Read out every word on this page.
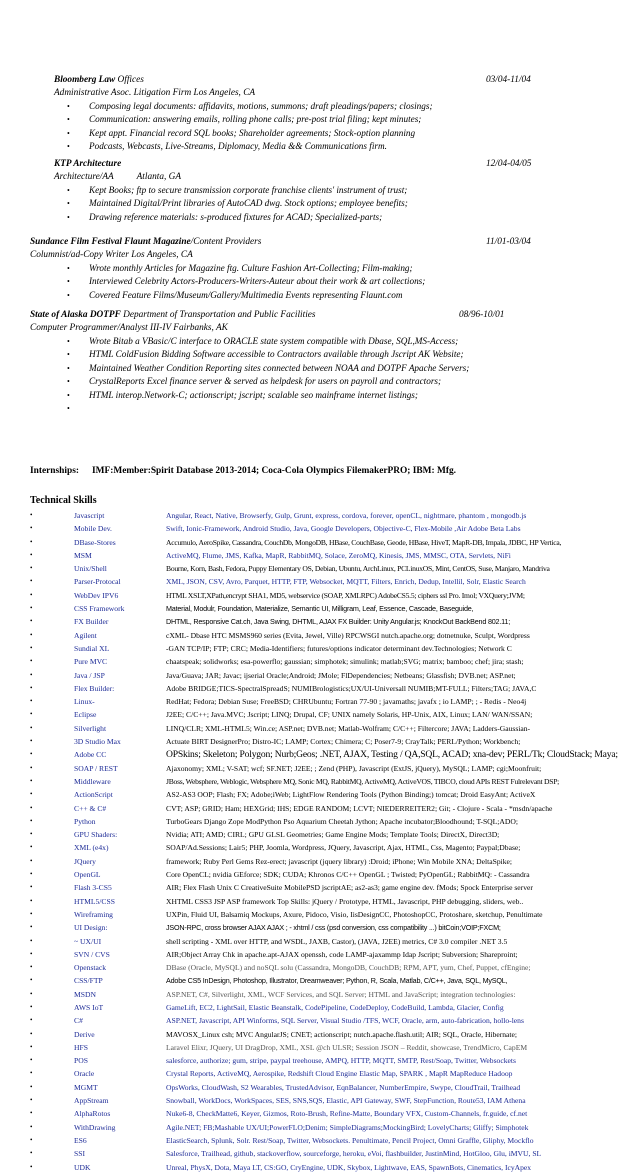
Bloomberg Law Offices	03/04-11/04
Administrative Asoc. Litigation Firm Los Angeles, CA
• Composing legal documents: affidavits, motions, summons; draft pleadings/papers; closings;
• Communication: answering emails, rolling phone calls; pre-post trial filing; kept minutes;
• Kept appt. Financial record SQL books; Shareholder agreements; Stock-option planning
• Podcasts, Webcasts, Live-Streams, Diplomacy, Media && Communications firm.
KTP Architecture	12/04-04/05
Architecture/AA          Atlanta, GA
• Kept Books; ftp to secure transmission corporate franchise clients' instrument of trust;
• Maintained Digital/Print libraries of AutoCAD dwg. Stock options; employee benefits;
• Drawing reference materials: s-produced fixtures for ACAD; Specialized-parts;
Sundance Film Festival Flaunt Magazine/Content Providers	11/01-03/04
Columnist/ad-Copy Writer Los Angeles, CA
• Wrote monthly Articles for Magazine ftg. Culture Fashion Art-Collecting; Film-making;
• Interviewed Celebrity Actors-Producers-Writers-Auteur about their work & art collections;
• Covered Feature Films/Museum/Gallery/Multimedia Events representing Flaunt.com
State of Alaska DOTPF Department of Transportation and Public Facilities	08/96-10/01
Computer Programmer/Analyst III-IV Fairbanks, AK
• Wrote Bitab a VBasic/C interface to ORACLE state system compatible with Dbase, SQL,MS-Access;
• HTML ColdFusion Bidding Software accessible to Contractors available through Jscript AK Website;
• Maintained Weather Condition Reporting sites connected between NOAA and DOTPF Apache Servers;
• CrystalReports Excel finance server & served as helpdesk for users on payroll and contractors;
• HTML interop.Network-C; actionscript; jscript; scalable seo mainframe internet listings;
•
Internships: IMF:Member:Spirit Database 2013-2014; Coca-Cola Olympics FilemakerPRO; IBM: Mfg.
Technical Skills
•	Javascript	Angular, React, Native, Browserfy, Gulp, Grunt, express, cordova, forever, openCL, nightmare, phantom , mongodb.js
•	Mobile Dev.	Swift, Ionic-Framework, Android Studio, Java, Google Developers, Objective-C, Flex-Mobile ,Air Adobe Beta Labs
•	DBase-Stores	Accumulo, AeroSpike, Cassandra, CouchDb, MongoDB, HBase, CouchBase, Geode, HBase, HiveT, MapR-DB, Impala, JDBC, HP Vertica,
•	MSM	ActiveMQ, Flume, JMS, Kafka, MapR, RabbitMQ, Solace, ZeroMQ, Kinesis, JMS, MMSC, OTA, Servlets, NiFi
•	Unix/Shell	Bourne, Korn, Bash, Fedora, Puppy Elementary OS, Debian, Ubuntu, ArchLinux, PCLinuxOS, Mint, CentOS, Suse, Manjaro, Mandriva
•	Parser-Protocal	XML, JSON, CSV, Avro, Parquet, HTTP, FTP, Websocket, MQTT, Filters, Enrich, Dedup, Intellil, Solr, Elastic Search
•	WebDev IPV6	HTML XSLT,XPath,encrypt SHA1, MD5, webservice (SOAP, XMLRPC) AdobeCS5.5; ciphers ssl Pro. Imol; VXQuery;JVM;
•	CSS Framework	Material, Modulr, Foundation, Materialize, Semantic UI, Milligram, Leaf, Essence, Cascade, Baseguide,
•	FX Builder	DHTML, Responsive Cat.ch, Java Swing, DHTML, AJAX FX Builder: Unity Angular.js; KnockOut BackBend 802.11;
•	Agilent	cXML- Dbase HTC MSMS960 series (Evita, Jewel, Ville) RPCWSGI nutch.apache.org; dotnetnuke, Sculpt, Wordpress
•	Sundial XL	-GAN TCP/IP; FTP; CRC; Media-Identifiers; futures/options indicator determinant dev.Technologies; Network C
•	Pure MVC	chaatspeak; solidworks; esa-powerflo; gaussian; simphotek; simulink; matlab;SVG; matrix; bamboo; chef; jira; stash;
•	Java / JSP	Java/Guava; JAR; Javac; ijserial Oracle;Android; JMole; FlDependencies; Netbeans; Glassfish; DVB.net; ASP.net;
•	Flex Builder:	Adobe BRIDGE;TICS-SpectralSpreadS; NUMIBrologistics;UX/UI-Universall NUMIB;MT-FULL; Filters;TAG; JAVA,C
•	Linux-	RedHat; Fedora; Debian Suse; FreeBSD; CHRUbuntu; Fortran 77-90 ; javamaths; javafx ; io LAMP; ; - Redis - Neo4j
•	Eclipse	J2EE; C/C++; Java.MVC; Jscript; LINQ; Drupal, CF; UNIX namely Solaris, HP-Unix, AIX, Linux; LAN/ WAN/SSAN;
•	Silverlight	LINQ/CLR; XML-HTML5; Win.ce; ASP.net; DVB.net; Matlab-Wolfram; C/C++; Filtercore; JAVA; Ladders-Gaussian-
•	3D Studio Max	Actuate BIRT DesignerPro; Distro-IC; LAMP; Cortex; Chimera; C; Poser7-9; CrayTalk; PERL/Python; Workbench;
•	Adobe CC	OPSkins; Skeleton; Polygon; Nurb;Geos; .NET, AJAX, Testing / QA,SQL, ACAD; xna-dev; PERL/Tk; CloudStack; Maya;
•	SOAP / REST	Ajaxonomy; XML; V-SAT; wcf; SF.NET; J2EE; ; Zend (PHP), Javascript (ExtJS, jQuery), MySQL; LAMP; cgi;Moonfruit;
•	Middleware	JBoss, Websphere, Weblogic, Websphere MQ, Sonic MQ, RabbitMQ, ActiveMQ, ActiveVOS, TIBCO, cloud APIs REST Fulrelevant DSP;
•	ActionScript	AS2-AS3 OOP; Flash; FX; Adobe;iWeb; LightFlow Rendering Tools (Python Binding;) tomcat; Droid EasyAnt; ActiveX
•	C++ & C#	CVT; ASP; GRID; Ham; HEXGrid; IHS; EDGE RANDOM; LCVT; NIEDERREITER2; Git; - Clojure - Scala - *msdn/apache
•	Python	TurboGears Django Zope ModPython Pso Aquarium Cheetah Jython; Apache incubator;Bloodhound; T-SQL;ADO;
•	GPU Shaders:	Nvidia; ATI; AMD; CIRL; GPU GLSL Geometries; Game Engine Mods; Template Tools; DirectX, Direct3D;
•	XML (e4x)	SOAP/Ad.Sessions; Lair5; PHP, Joomla, Wordpress, JQuery, Javascript, Ajax, HTML, Css, Magento; Paypal;Dbase;
•	JQuery	framework; Ruby Perl Gems Rez-erect; javascript (jquery library) :Droid; iPhone; Win Mobile XNA; DeltaSpike;
•	OpenGL	Core OpenCL; nvidia GEforce; SDK; CUDA; Khronos C/C++ OpenGL ; Twisted; PyOpenGL; RabbitMQ: - Cassandra
•	Flash 3-CS5	AIR; Flex Flash Unix C CreativeSuite MobilePSD jscriptAE; as2-as3; game engine dev. fMods; Spock Enterprise server
•	HTML5/CSS	XHTML CSS3 JSP ASP framework Top Skills: jQuery / Prototype, HTML, Javascript, PHP debugging, sliders, web..
•	Wireframing	UXPin, Fluid UI, Balsamiq Mockups, Axure, Pidoco, Visio, IisDesignCC, PhotoshopCC, Protoshare, sketchup, Penultimate
•	UI Design:	JSON-RPC, cross browser AJAX AJAX ; - xhtml / css (psd conversion, css compatibility ...) bitCoin;VOIP;FXCM;
•	~ UX/UI	shell scripting - XML over HTTP, and WSDL, JAXB, Castor), (JAVA, J2EE) metrics, C# 3.0 compiler .NET 3.5
•	SVN / CVS	AIR;Object Array Chk in apache.apt-AJAX openssh, code LAMP-ajaxammp Idap Jscript; Subversion; Shareproint;
•	Openstack	DBase (Oracle, MySQL) and noSQL solu (Cassandra, MongoDB, CouchDB; RPM, APT, yum, Chef, Puppet, cfEngine;
•	CSS/FTP	Adobe CS5 InDesign, Photoshop, Illustrator, Dreamweaver; Python, R, Scala, Matlab, C/C++, Java, SQL, MySQL,
•	MSDN	ASP.NET, C#, Silverlight, XML, WCF Services, and SQL Server; HTML and JavaScript; integration technologies:
•	AWS IoT	GameLift, EC2, LightSail, Elastic Beanstalk, CodePipeline, CodeDeploy, CodeBuild, Lambda, Glacier, Config
•	C#	ASP.NET, Javascript, API Winforms, SQL Server, Visual Studio /TFS, WCF, Oracle, arm, auto-fabrication, hollo-lens
•	Derive	MAVOSX_Linux csh; MVC AngularJS; CNET; actionscript; nutch.apache.flash.util; AIR; SQL, Oracle, Hibernate;
•	HFS	Laravel Elixr, JQuery, UI DragDrop, XML, XSL @ch ULSR; Session JSON – Reddit, showcase, TrendMicro, CapEM
•	POS	salesforce, authorize; gum, stripe, paypal treehouse, AMPQ, HTTP, MQTT, SMTP, Rest/Soap, Twitter, Websockets
•	Oracle	Crystal Reports, ActiveMQ, Aerospike, Redshift Cloud Engine Elastic Map, SPARK , MapR MapReduce Hadoop
•	MGMT	OpsWorks, CloudWash, S2 Wearables, TrustedAdvisor, EqnBalancer, NumberEmpire, Swype, CloudTrail, Trailhead
•	AppStream	Snowball, WorkDocs, WorkSpaces, SES, SNS,SQS, Elastic, API Gateway, SWF, StepFunction, Route53, IAM Athena
•	AlphaRotos	Nuke6-8, CheckMatte6, Keyer, Gizmos, Roto-Brush, Refine-Matte, Boundary VFX, Custom-Channels, fr.guide, cf.net
•	WithDrawing	Agile.NET; FB;Mashable UX/UI;PowerFLO;Denim; SimpleDiagrams;MockingBird; LovelyCharts; Gliffy; Simphotek
•	ES6	ElasticSearch, Splunk, Solr. Rest/Soap, Twitter, Websockets. Penultimate, Pencil Project, Omni Graffle, Gliphy, Mockflo
•	SSI	Salesforce, Trailhead, github, stackoverflow, sourceforge, heroku, eVoi, flashbuilder, JustinMind, HotGloo, Glu, iMVU, SL
•	UDK	Unreal, PhysX, Dota, Maya LT, CS:GO, CryEngine, UDK, Skybox, Lightwave, EAS, SpawnBots, Cinematics, IcyApex
